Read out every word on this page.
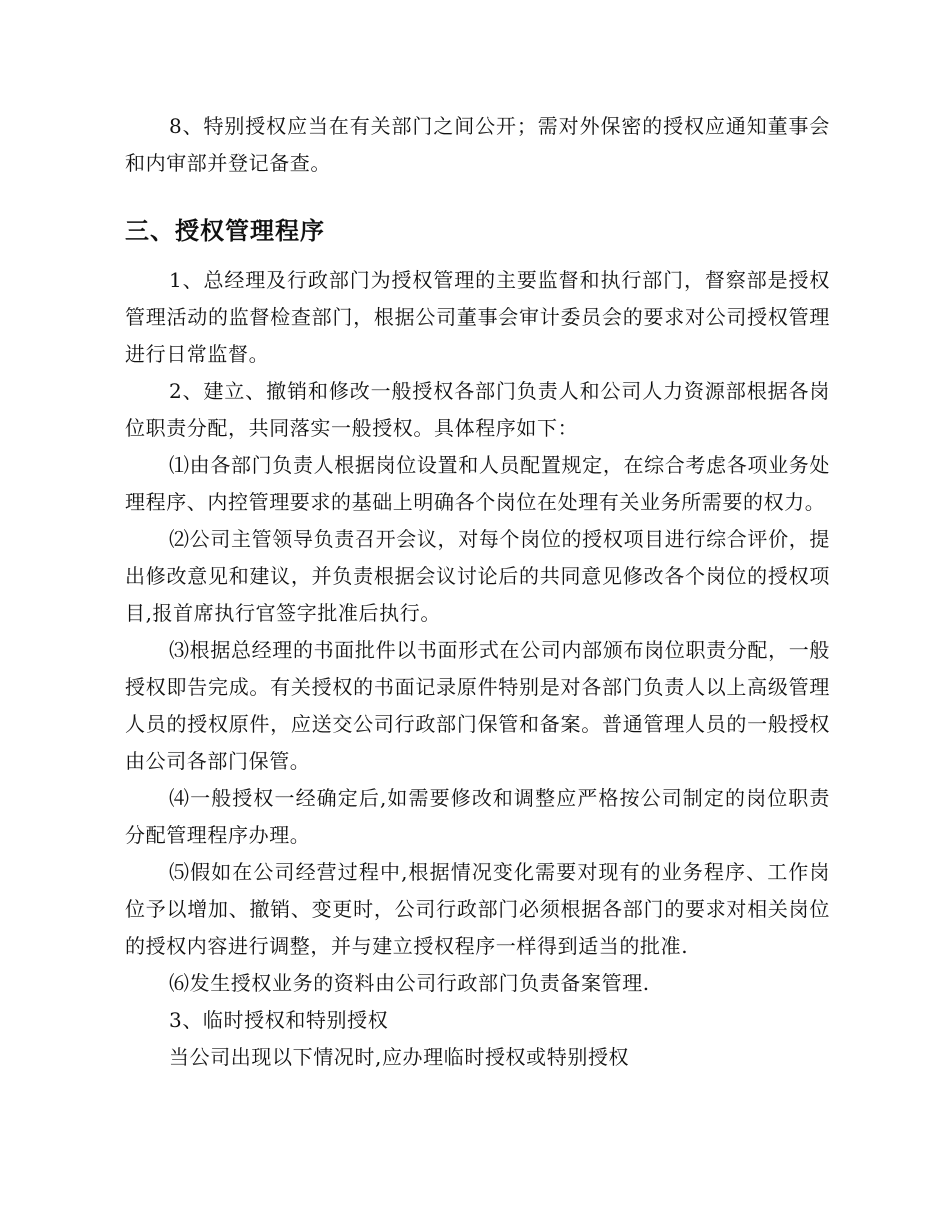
8、特别授权应当在有关部门之间公开；需对外保密的授权应通知董事会和内审部并登记备查。

三、授权管理程序

1、总经理及行政部门为授权管理的主要监督和执行部门，督察部是授权管理活动的监督检查部门，根据公司董事会审计委员会的要求对公司授权管理进行日常监督。

2、建立、撤销和修改一般授权各部门负责人和公司人力资源部根据各岗位职责分配，共同落实一般授权。具体程序如下：

⑴由各部门负责人根据岗位设置和人员配置规定，在综合考虑各项业务处理程序、内控管理要求的基础上明确各个岗位在处理有关业务所需要的权力。

⑵公司主管领导负责召开会议，对每个岗位的授权项目进行综合评价，提出修改意见和建议，并负责根据会议讨论后的共同意见修改各个岗位的授权项目,报首席执行官签字批准后执行。

⑶根据总经理的书面批件以书面形式在公司内部颁布岗位职责分配，一般授权即告完成。有关授权的书面记录原件特别是对各部门负责人以上高级管理人员的授权原件，应送交公司行政部门保管和备案。普通管理人员的一般授权由公司各部门保管。

⑷一般授权一经确定后,如需要修改和调整应严格按公司制定的岗位职责分配管理程序办理。

⑸假如在公司经营过程中,根据情况变化需要对现有的业务程序、工作岗位予以增加、撤销、变更时，公司行政部门必须根据各部门的要求对相关岗位的授权内容进行调整，并与建立授权程序一样得到适当的批准.

⑹发生授权业务的资料由公司行政部门负责备案管理.

3、临时授权和特别授权

当公司出现以下情况时,应办理临时授权或特别授权
